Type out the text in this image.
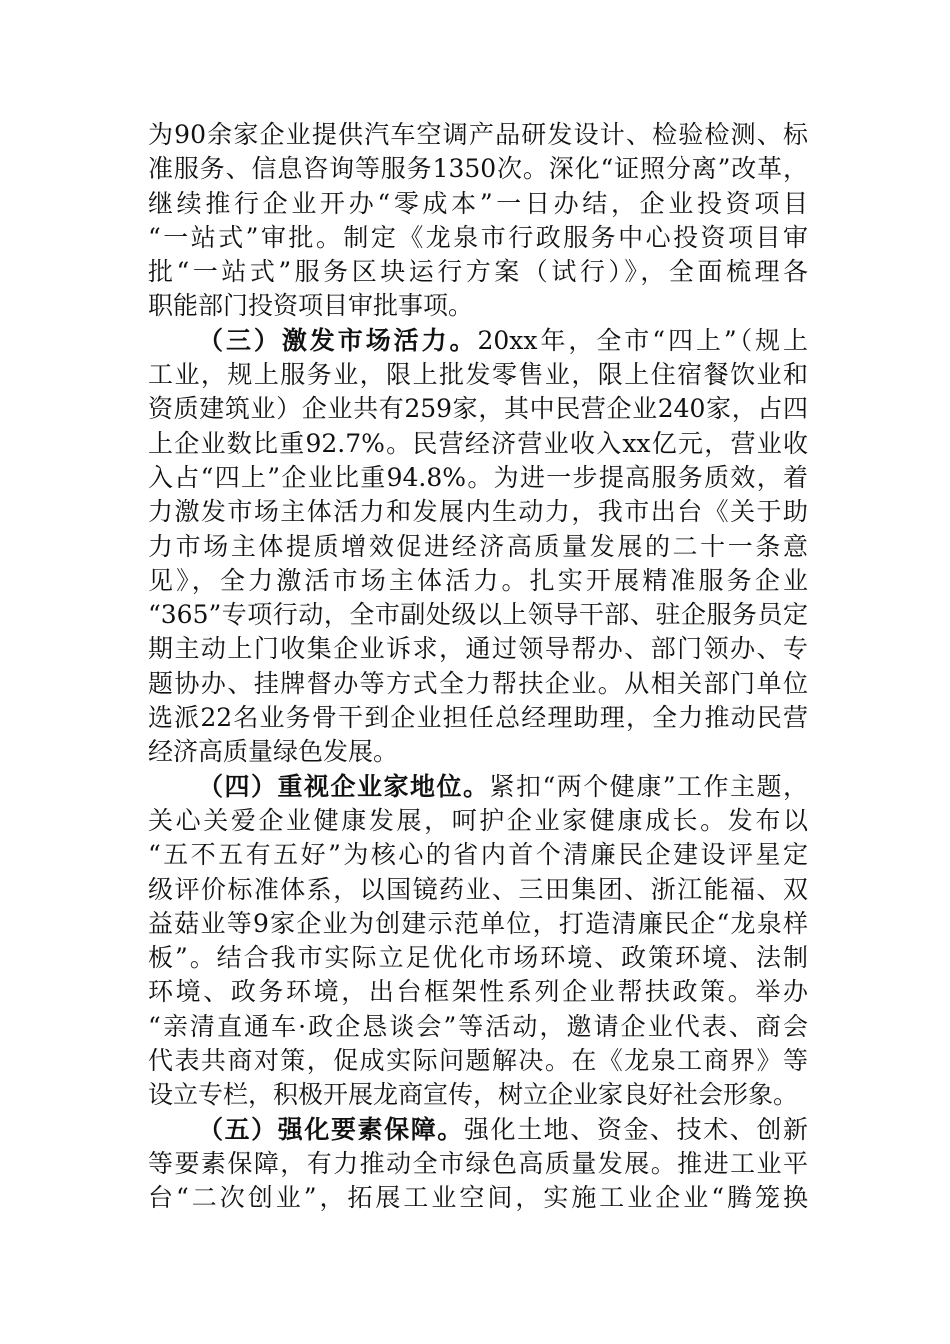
为90余家企业提供汽车空调产品研发设计、检验检测、标
准服务、信息咨询等服务1350次。深化“证照分离”改革，
继续推行企业开办“零成本”一日办结，企业投资项目
“一站式”审批。制定《龙泉市行政服务中心投资项目审
批“一站式”服务区块运行方案（试行）》，全面梳理各
职能部门投资项目审批事项。
（三）激发市场活力。20xx年，全市“四上”（规上
工业，规上服务业，限上批发零售业，限上住宿餐饮业和
资质建筑业）企业共有259家，其中民营企业240家，占四
上企业数比重92.7%。民营经济营业收入xx亿元，营业收
入占“四上”企业比重94.8%。为进一步提高服务质效，着
力激发市场主体活力和发展内生动力，我市出台《关于助
力市场主体提质增效促进经济高质量发展的二十一条意
见》，全力激活市场主体活力。扎实开展精准服务企业
“365”专项行动，全市副处级以上领导干部、驻企服务员定
期主动上门收集企业诉求，通过领导帮办、部门领办、专
题协办、挂牌督办等方式全力帮扶企业。从相关部门单位
选派22名业务骨干到企业担任总经理助理，全力推动民营
经济高质量绿色发展。
（四）重视企业家地位。紧扣“两个健康”工作主题，
关心关爱企业健康发展，呵护企业家健康成长。发布以
“五不五有五好”为核心的省内首个清廉民企建设评星定
级评价标准体系，以国镜药业、三田集团、浙江能福、双
益菇业等9家企业为创建示范单位，打造清廉民企“龙泉样
板”。结合我市实际立足优化市场环境、政策环境、法制
环境、政务环境，出台框架性系列企业帮扶政策。举办
“亲清直通车·政企恳谈会”等活动，邀请企业代表、商会
代表共商对策，促成实际问题解决。在《龙泉工商界》等
设立专栏，积极开展龙商宣传，树立企业家良好社会形象。
（五）强化要素保障。强化土地、资金、技术、创新
等要素保障，有力推动全市绿色高质量发展。推进工业平
台“二次创业”，拓展工业空间，实施工业企业“腾笼换
